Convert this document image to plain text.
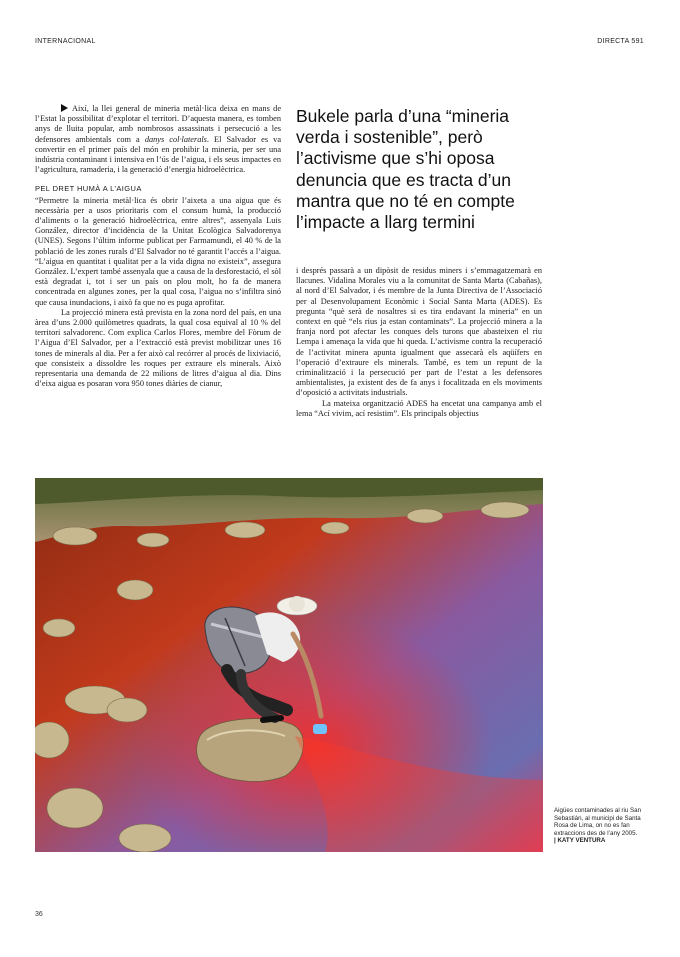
INTERNACIONAL	DIRECTA 591

Així, la llei general de mineria metàl·lica deixa en mans de l’Estat la possibilitat d’explotar el territori. D’aquesta manera, es tomben anys de lluita popular, amb nombrosos assassinats i persecució a les defensores ambientals com a danys col·laterals. El Salvador es va convertir en el primer país del món en prohibir la mineria, per ser una indústria contaminant i intensiva en l’ús de l’aigua, i els seus impactes en l’agricultura, ramaderia, i la generació d’energia hidroelèctrica.

PEL DRET HUMÀ A L’AIGUA

“Permetre la mineria metàl·lica és obrir l’aixeta a una aigua que és necessària per a usos prioritaris com el consum humà, la producció d’aliments o la generació hidroelèctrica, entre altres”, assenyala Luis González, director d’incidència de la Unitat Ecològica Salvadorenya (UNES). Segons l’últim informe publicat per Farmamundi, el 40 % de la població de les zones rurals d’El Salvador no té garantit l’accés a l’aigua. “L’aigua en quantitat i qualitat per a la vida digna no existeix”, assegura González. L’expert també assenyala que a causa de la desforestació, el sòl està degradat i, tot i ser un país on plou molt, ho fa de manera concentrada en algunes zones, per la qual cosa, l’aigua no s’infiltra sinó que causa inundacions, i això fa que no es puga aprofitar.

La projecció minera està prevista en la zona nord del país, en una àrea d’uns 2.000 quilòmetres quadrats, la qual cosa equival al 10 % del territori salvadorenc. Com explica Carlos Flores, membre del Fòrum de l’Aigua d’El Salvador, per a l’extracció està previst mobilitzar unes 16 tones de minerals al dia. Per a fer això cal recórrer al procés de lixiviació, que consisteix a dissoldre les roques per extraure els minerals. Això representaria una demanda de 22 milions de litres d’aigua al dia. Dins d’eixa aigua es posaran vora 950 tones diàries de cianur,

Bukele parla d’una “mineria verda i sostenible”, però l’activisme que s’hi oposa denuncia que es tracta d’un mantra que no té en compte l’impacte a llarg termini

i després passarà a un dipòsit de residus miners i s’emmagatzemarà en llacunes. Vidalina Morales viu a la comunitat de Santa Marta (Cabañas), al nord d’El Salvador, i és membre de la Junta Directiva de l’Associació per al Desenvolupament Econòmic i Social Santa Marta (ADES). Es pregunta “què serà de nosaltres si es tira endavant la mineria” en un context en què “els rius ja estan contaminats”. La projecció minera a la franja nord pot afectar les conques dels turons que abasteixen el riu Lempa i amenaça la vida que hi queda. L’activisme contra la recuperació de l’activitat minera apunta igualment que assecarà els aqüífers en l’operació d’extraure els minerals. També, es tem un repunt de la criminalització i la persecució per part de l’estat a les defensores ambientalistes, ja existent des de fa anys i focalitzada en els moviments d’oposició a activitats industrials.

La mateixa organització ADES ha encetat una campanya amb el lema “Ací vivim, ací resistim”. Els principals objectius

Aigües contaminades al riu San Sebastián, al municipi de Santa Rosa de Lima, on no es fan extraccions des de l’any 2005.
| KATY VENTURA
36
